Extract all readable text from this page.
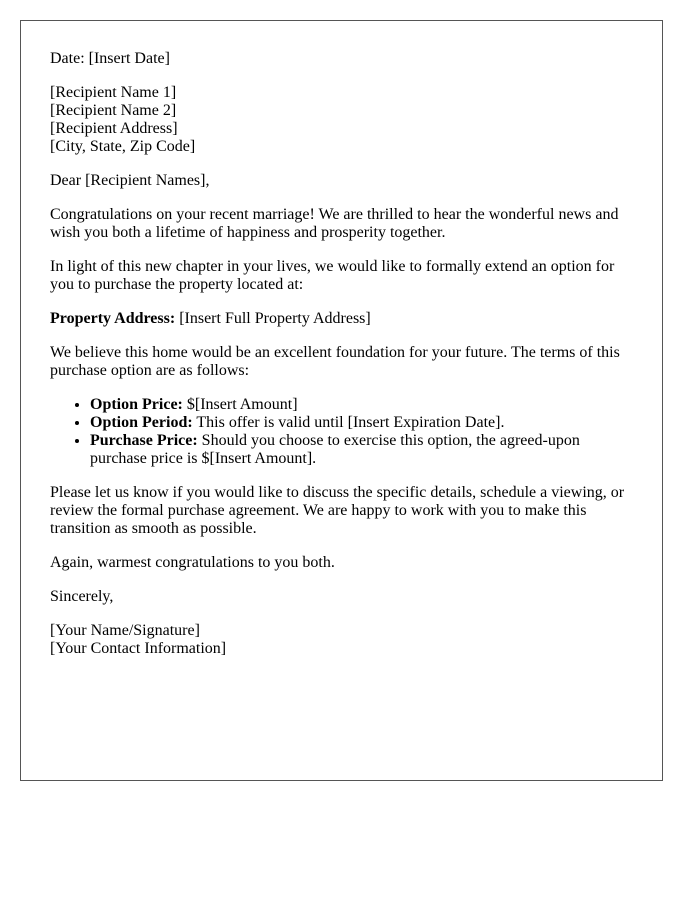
Date: [Insert Date]

[Recipient Name 1]
[Recipient Name 2]
[Recipient Address]
[City, State, Zip Code]

Dear [Recipient Names],

Congratulations on your recent marriage! We are thrilled to hear the wonderful news and wish you both a lifetime of happiness and prosperity together.

In light of this new chapter in your lives, we would like to formally extend an option for you to purchase the property located at:

Property Address: [Insert Full Property Address]

We believe this home would be an excellent foundation for your future. The terms of this purchase option are as follows:

• Option Price: $[Insert Amount]
• Option Period: This offer is valid until [Insert Expiration Date].
• Purchase Price: Should you choose to exercise this option, the agreed-upon purchase price is $[Insert Amount].

Please let us know if you would like to discuss the specific details, schedule a viewing, or review the formal purchase agreement. We are happy to work with you to make this transition as smooth as possible.

Again, warmest congratulations to you both.

Sincerely,

[Your Name/Signature]
[Your Contact Information]
